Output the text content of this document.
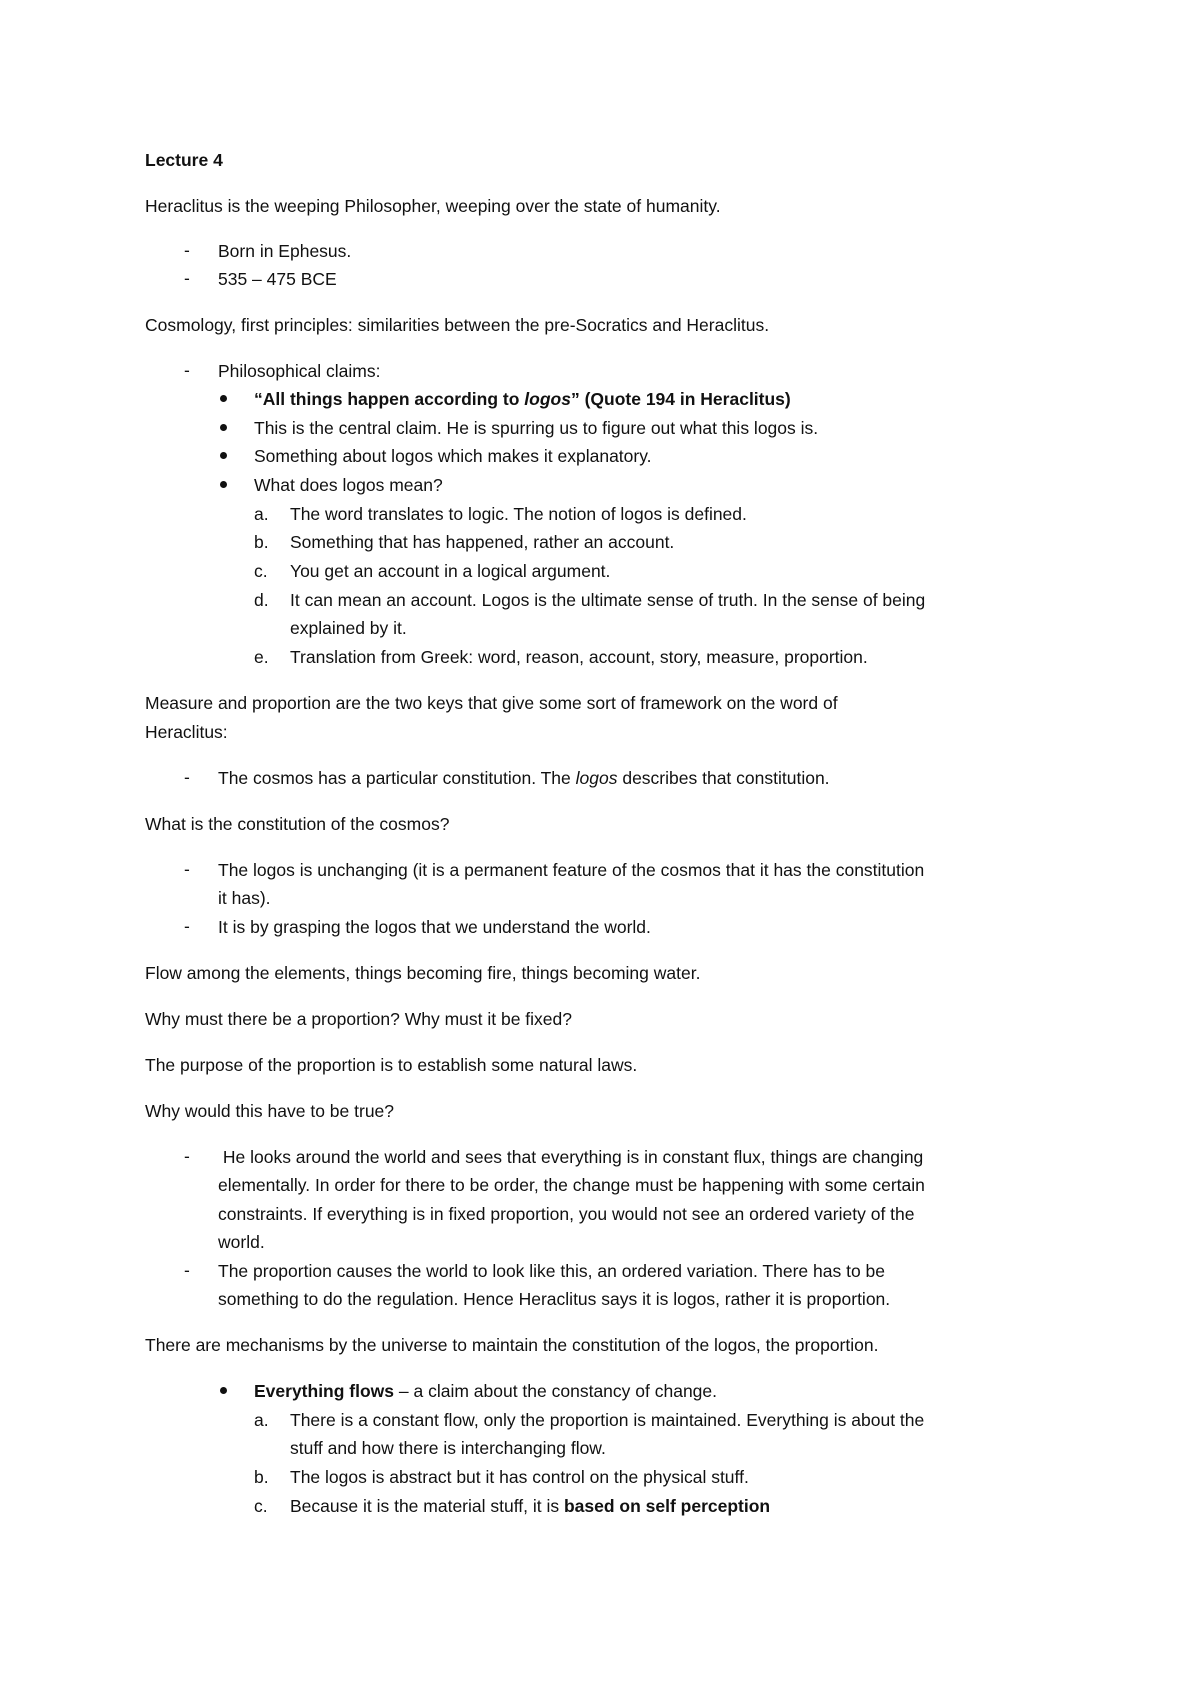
Lecture 4
Heraclitus is the weeping Philosopher, weeping over the state of humanity.
- Born in Ephesus.
- 535 – 475 BCE
Cosmology, first principles: similarities between the pre-Socratics and Heraclitus.
- Philosophical claims:
“All things happen according to logos” (Quote 194 in Heraclitus)
This is the central claim. He is spurring us to figure out what this logos is.
Something about logos which makes it explanatory.
What does logos mean?
a. The word translates to logic. The notion of logos is defined.
b. Something that has happened, rather an account.
c. You get an account in a logical argument.
d. It can mean an account. Logos is the ultimate sense of truth. In the sense of being
explained by it.
e. Translation from Greek: word, reason, account, story, measure, proportion.
Measure and proportion are the two keys that give some sort of framework on the word of
Heraclitus:
- The cosmos has a particular constitution. The logos describes that constitution.
What is the constitution of the cosmos?
- The logos is unchanging (it is a permanent feature of the cosmos that it has the constitution
it has).
- It is by grasping the logos that we understand the world.
Flow among the elements, things becoming fire, things becoming water.
Why must there be a proportion? Why must it be fixed?
The purpose of the proportion is to establish some natural laws.
Why would this have to be true?
- He looks around the world and sees that everything is in constant flux, things are changing
elementally. In order for there to be order, the change must be happening with some certain
constraints. If everything is in fixed proportion, you would not see an ordered variety of the
world.
- The proportion causes the world to look like this, an ordered variation. There has to be
something to do the regulation. Hence Heraclitus says it is logos, rather it is proportion.
There are mechanisms by the universe to maintain the constitution of the logos, the proportion.
Everything flows – a claim about the constancy of change.
a. There is a constant flow, only the proportion is maintained. Everything is about the
stuff and how there is interchanging flow.
b. The logos is abstract but it has control on the physical stuff.
c. Because it is the material stuff, it is based on self perception
